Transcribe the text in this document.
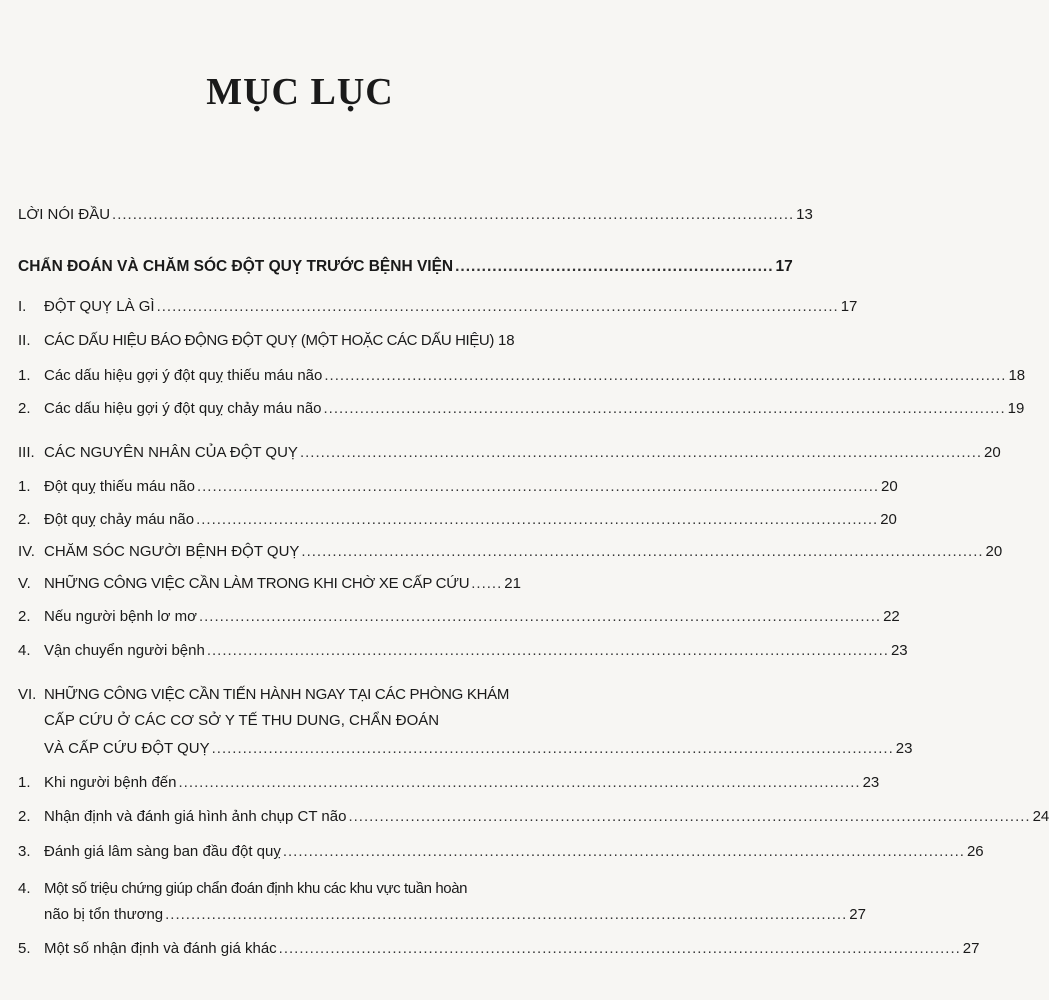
MỤC LỤC
LỜI NÓI ĐẦU .................................................................................................................................... 13
CHẨN ĐOÁN VÀ CHĂM SÓC ĐỘT QUỴ TRƯỚC BỆNH VIỆN ............................................................ 17
I.	ĐỘT QUỴ LÀ GÌ .................................................................................................................................... 17
II. CÁC DẤU HIỆU BÁO ĐỘNG ĐỘT QUỴ (MỘT HOẶC CÁC DẤU HIỆU) 18
1. Các dấu hiệu gợi ý đột quỵ thiếu máu não .................................................................................................................................... 18
2. Các dấu hiệu gợi ý đột quỵ chảy máu não .................................................................................................................................... 19
III. CÁC NGUYÊN NHÂN CỦA ĐỘT QUỴ .................................................................................................................................... 20
1. Đột quỵ thiếu máu não .................................................................................................................................... 20
2. Đột quỵ chảy máu não .................................................................................................................................... 20
IV. CHĂM SÓC NGƯỜI BỆNH ĐỘT QUỴ .................................................................................................................................... 20
V. NHỮNG CÔNG VIỆC CẦN LÀM TRONG KHI CHỜ XE CẤP CỨU ...... 21
2. Nếu người bệnh lơ mơ .................................................................................................................................... 22
4. Vận chuyển người bệnh .................................................................................................................................... 23
VI. NHỮNG CÔNG VIỆC CẦN TIẾN HÀNH NGAY TẠI CÁC PHÒNG KHÁM
CẤP CỨU Ở CÁC CƠ SỞ Y TẾ THU DUNG, CHẨN ĐOÁN
VÀ CẤP CỨU ĐỘT QUỴ .................................................................................................................................... 23
1. Khi người bệnh đến .................................................................................................................................... 23
2. Nhận định và đánh giá hình ảnh chụp CT não .................................................................................................................................... 24
3. Đánh giá lâm sàng ban đầu đột quỵ .................................................................................................................................... 26
4. Một số triệu chứng giúp chẩn đoán định khu các khu vực tuần hoàn
não bị tổn thương .................................................................................................................................... 27
5. Một số nhận định và đánh giá khác .................................................................................................................................... 27
